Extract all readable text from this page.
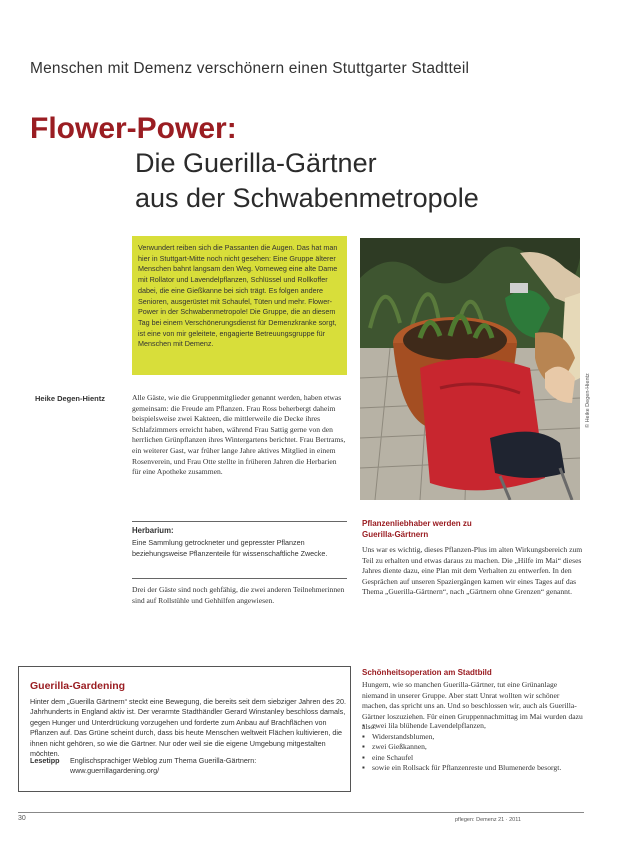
Menschen mit Demenz verschönern einen Stuttgarter Stadtteil
Flower-Power:
Die Guerilla-Gärtner
aus der Schwabenmetropole
Verwundert reiben sich die Passanten die Augen. Das hat man hier in Stuttgart-Mitte noch nicht gesehen: Eine Gruppe älterer Menschen bahnt langsam den Weg. Vorneweg eine alte Dame mit Rollator und Lavendelpflanzen, Schlüssel und Rollkoffer dabei, die eine Gießkanne bei sich trägt. Es folgen andere Senioren, ausgerüstet mit Schaufel, Tüten und mehr. Flower-Power in der Schwabenmetropole! Die Gruppe, die an diesem Tag bei einem Verschönerungsdienst für Demenzkranke sorgt, ist eine von mir geleitete, engagierte Betreuungsgruppe für Menschen mit Demenz.
Heike Degen-Hientz	Alle Gäste, wie die Gruppenmitglieder genannt werden, haben etwas gemeinsam: die Freude am Pflanzen. Frau Ross beherbergt daheim beispielsweise zwei Kakteen, die mittlerweile die Decke ihres Schlafzimmers erreicht haben, während Frau Sattig gerne von den herrlichen Grünpflanzen ihres Wintergartens berichtet. Frau Bertrams, ein weiterer Gast, war früher lange Jahre aktives Mitglied in einem Rosenverein, und Frau Otte stellte in früheren Jahren die Herbarien für eine Apotheke zusammen.
Herbarium:
Eine Sammlung getrockneter und gepresster Pflanzen beziehungsweise Pflanzenteile für wissenschaftliche Zwecke.
Drei der Gäste sind noch gehfähig, die zwei anderen Teilnehmerinnen sind auf Rollstühle und Gehhilfen angewiesen.
© Heike Degen-Hientz
Pflanzenliebhaber werden zu
Guerilla-Gärtnern
Uns war es wichtig, dieses Pflanzen-Plus im alten Wirkungsbereich zum Teil zu erhalten und etwas daraus zu machen. Die „Hilfe im Mai“ dieses Jahres diente dazu, eine Plan mit dem Verhalten zu entwerfen. In den Gesprächen auf unseren Spaziergängen kamen wir eines Tages auf das Thema „Guerilla-Gärtnern“, nach „Gärtnern ohne Grenzen“ genannt.
Schönheitsoperation am Stadtbild
Hungern, wie so manchen Guerilla-Gärtner, tut eine Grünanlage niemand in unserer Gruppe. Aber statt Unrat wollten wir schöner machen, das spricht uns an. Und so beschlossen wir, auch als Guerilla-Gärtner loszuziehen. Für einen Gruppennachmittag im Mai wurden dazu also:
▪ zwei lila blühende Lavendelpflanzen,
▪ Widerstandsblumen,
▪ zwei Gießkannen,
▪ eine Schaufel
▪ sowie ein Rollsack für Pflanzenreste und Blumenerde besorgt.
Guerilla-Gardening
Hinter dem „Guerilla Gärtnern“ steckt eine Bewegung, die bereits seit dem siebziger Jahren des 20. Jahrhunderts in England aktiv ist. Der verarmte Stadthändler Gerard Winstanley beschloss damals, gegen Hunger und Unterdrückung vorzugehen und forderte zum Anbau auf Brachflächen von Pflanzen auf. Das Grüne scheint durch, dass bis heute Menschen weltweit Flächen kultivieren, die ihnen nicht gehören, so wie die Gärtner. Nur oder weil sie die eigene Umgebung mitgestalten möchten.
Lesetipp Englischsprachiger Weblog zum Thema Guerilla-Gärtnern: www.guerrillagardening.org/
30	pflegen: Demenz 21 · 2011
